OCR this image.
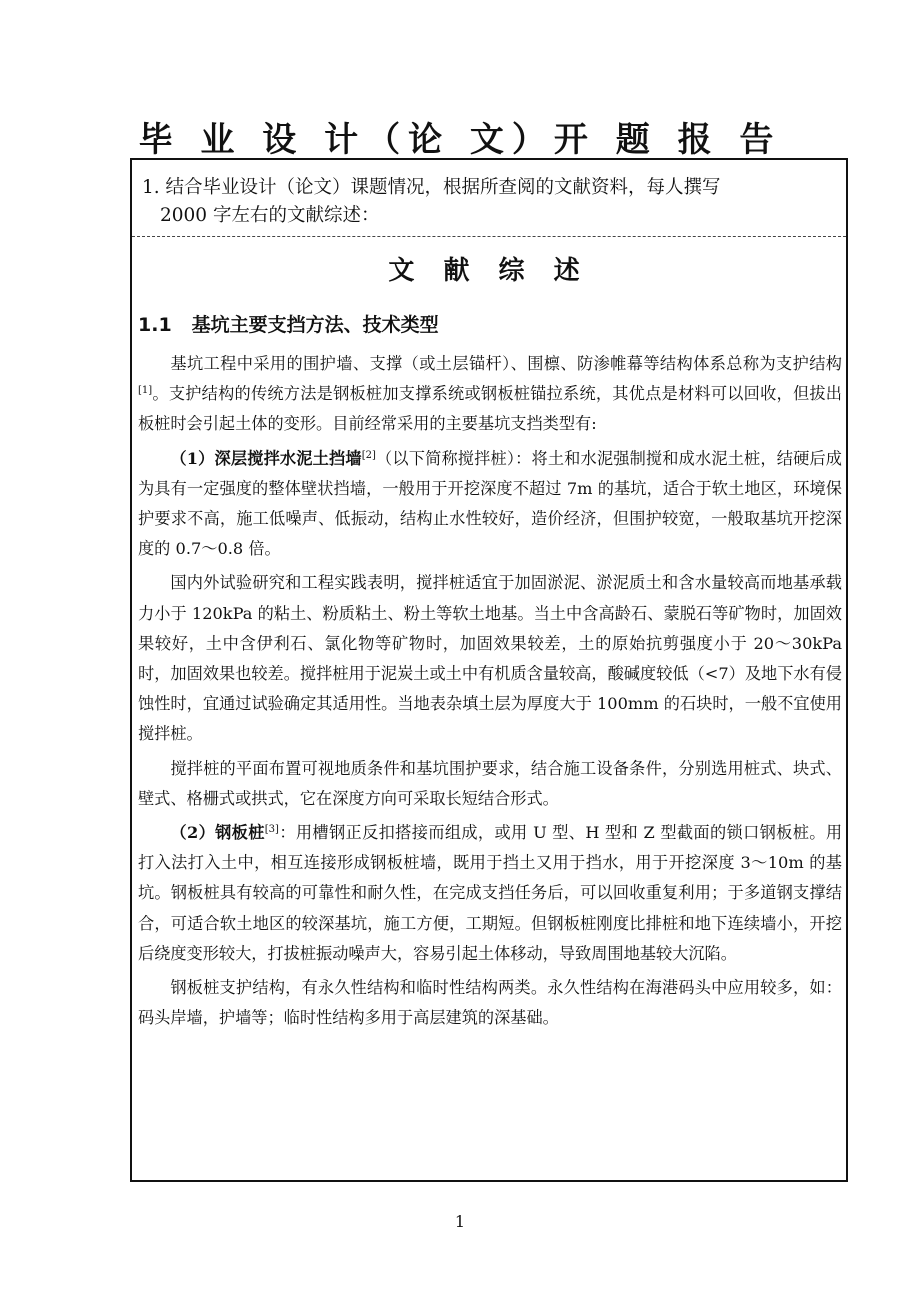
毕 业 设 计（论 文）开 题 报 告
1. 结合毕业设计（论文）课题情况，根据所查阅的文献资料，每人撰写
2000 字左右的文献综述：
文 献 综 述
1.1 基坑主要支挡方法、技术类型

基坑工程中采用的围护墙、支撑（或土层锚杆）、围檩、防渗帷幕等结构体系总称为支护结构[1]。支护结构的传统方法是钢板桩加支撑系统或钢板桩锚拉系统，其优点是材料可以回收，但拔出板桩时会引起土体的变形。目前经常采用的主要基坑支挡类型有:

（1）深层搅拌水泥土挡墙[2]（以下简称搅拌桩）：将土和水泥强制搅和成水泥土桩，结硬后成为具有一定强度的整体壁状挡墙，一般用于开挖深度不超过 7m 的基坑，适合于软土地区，环境保护要求不高，施工低噪声、低振动，结构止水性较好，造价经济，但围护较宽，一般取基坑开挖深度的 0.7～0.8 倍。

国内外试验研究和工程实践表明，搅拌桩适宜于加固淤泥、淤泥质土和含水量较高而地基承载力小于 120kPa 的粘土、粉质粘土、粉土等软土地基。当土中含高龄石、蒙脱石等矿物时，加固效果较好，土中含伊利石、氯化物等矿物时，加固效果较差，土的原始抗剪强度小于 20～30kPa 时，加固效果也较差。搅拌桩用于泥炭土或土中有机质含量较高，酸碱度较低（<7）及地下水有侵蚀性时，宜通过试验确定其适用性。当地表杂填土层为厚度大于 100mm 的石块时，一般不宜使用搅拌桩。

搅拌桩的平面布置可视地质条件和基坑围护要求，结合施工设备条件，分别选用桩式、块式、壁式、格栅式或拱式，它在深度方向可采取长短结合形式。

（2）钢板桩[3]：用槽钢正反扣搭接而组成，或用 U 型、H 型和 Z 型截面的锁口钢板桩。用打入法打入土中，相互连接形成钢板桩墙，既用于挡土又用于挡水，用于开挖深度 3～10m 的基坑。钢板桩具有较高的可靠性和耐久性，在完成支挡任务后，可以回收重复利用；于多道钢支撑结合，可适合软土地区的较深基坑，施工方便，工期短。但钢板桩刚度比排桩和地下连续墙小，开挖后绕度变形较大，打拔桩振动噪声大，容易引起土体移动，导致周围地基较大沉陷。

钢板桩支护结构，有永久性结构和临时性结构两类。永久性结构在海港码头中应用较多，如：码头岸墙，护墙等；临时性结构多用于高层建筑的深基础。

1
